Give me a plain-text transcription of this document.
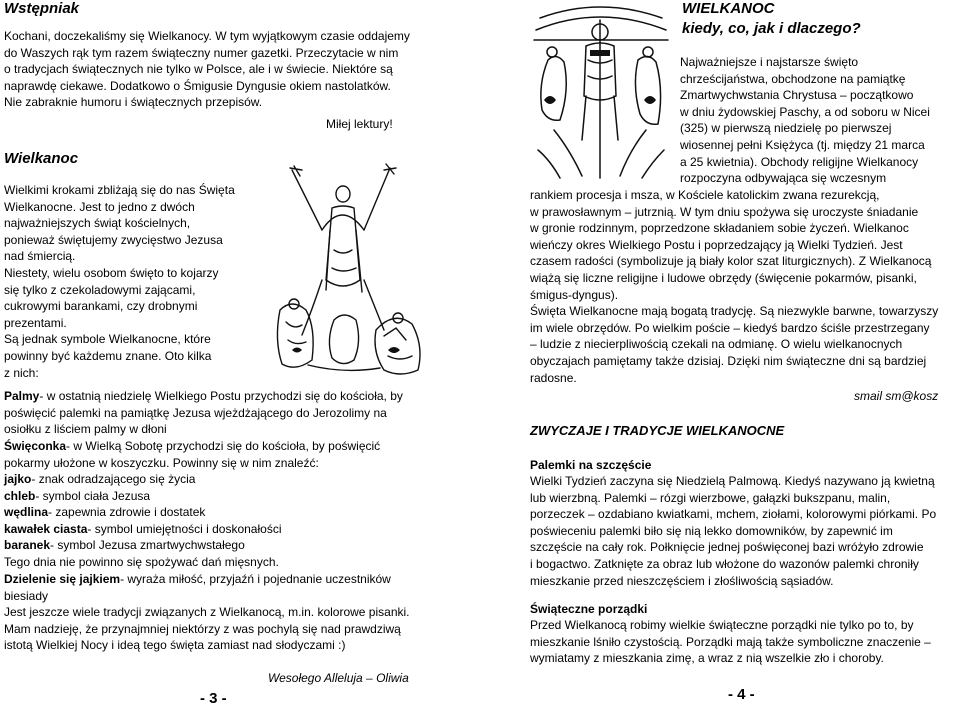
Wstępniak

Kochani, doczekaliśmy się Wielkanocy. W tym wyjątkowym czasie oddajemy

do Waszych rąk tym razem świąteczny numer gazetki. Przeczytacie w nim

o tradycjach świątecznych nie tylko w Polsce, ale i w świecie. Niektóre są

naprawdę ciekawe. Dodatkowo o Śmigusie Dyngusie okiem nastolatków.

Nie zabraknie humoru i świątecznych przepisów.

Miłej lektury!

Wielkanoc

Wielkimi krokami zbliżają się do nas Święta

Wielkanocne. Jest to jedno z dwóch

najważniejszych świąt kościelnych,

ponieważ świętujemy zwycięstwo Jezusa

nad śmiercią.

Niestety, wielu osobom święto to kojarzy

się tylko z czekoladowymi zającami,

cukrowymi barankami, czy drobnymi

prezentami.

Są jednak symbole Wielkanocne, które

powinny być każdemu znane. Oto kilka

z nich:

Palmy- w ostatnią niedzielę Wielkiego Postu przychodzi się do kościoła, by

poświęcić palemki na pamiątkę Jezusa wjeżdżającego do Jerozolimy na

osiołku z liściem palmy w dłoni

Święconka- w Wielką Sobotę przychodzi się do kościoła, by poświęcić

pokarmy ułożone w koszyczku. Powinny się w nim znaleźć:

jajko- znak odradzającego się życia

chleb- symbol ciała Jezusa

wędlina- zapewnia zdrowie i dostatek

kawałek ciasta- symbol umiejętności i doskonałości

baranek- symbol Jezusa zmartwychwstałego

Tego dnia nie powinno się spożywać dań mięsnych.

Dzielenie się jajkiem- wyraża miłość, przyjaźń i pojednanie uczestników

biesiady

Jest jeszcze wiele tradycji związanych z Wielkanocą, m.in. kolorowe pisanki.

Mam nadzieję, że przynajmniej niektórzy z was pochylą się nad prawdziwą

istotą Wielkiej Nocy i ideą tego święta zamiast nad słodyczami :)

- 3 -

Wesołego Alleluja – Oliwia

WIELKANOC

kiedy, co, jak i dlaczego?

Najważniejsze i najstarsze święto

chrześcijaństwa, obchodzone na pamiątkę

Zmartwychwstania Chrystusa – początkowo

w dniu żydowskiej Paschy, a od soboru w Nicei

(325) w pierwszą niedzielę po pierwszej

wiosennej pełni Księżyca (tj. między 21 marca

a 25 kwietnia). Obchody religijne Wielkanocy

rozpoczyna odbywająca się wczesnym

rankiem procesja i msza, w Kościele katolickim zwana rezurekcją,

w prawosławnym – jutrznią. W tym dniu spożywa się uroczyste śniadanie

w gronie rodzinnym, poprzedzone składaniem sobie życzeń. Wielkanoc

wieńczy okres Wielkiego Postu i poprzedzający ją Wielki Tydzień. Jest

czasem radości (symbolizuje ją biały kolor szat liturgicznych). Z Wielkanocą

wiążą się liczne religijne i ludowe obrzędy (święcenie pokarmów, pisanki,

śmigus-dyngus).

Święta Wielkanocne mają bogatą tradycję. Są niezwykle barwne, towarzyszy

im wiele obrzędów. Po wielkim poście – kiedyś bardzo ściśle przestrzegany

– ludzie z niecierpliwością czekali na odmianę. O wielu wielkanocnych

obyczajach pamiętamy także dzisiaj. Dzięki nim świąteczne dni są bardziej

radosne.

smail sm@kosz

ZWYCZAJE I TRADYCJE WIELKANOCNE

Palemki na szczęście

Wielki Tydzień zaczyna się Niedzielą Palmową. Kiedyś nazywano ją kwietną

lub wierzbną. Palemki – rózgi wierzbowe, gałązki bukszpanu, malin,

porzeczek – ozdabiano kwiatkami, mchem, ziołami, kolorowymi piórkami. Po

poświeceniu palemki biło się nią lekko domowników, by zapewnić im

szczęście na cały rok. Połknięcie jednej poświęconej bazi wróżyło zdrowie

i bogactwo. Zatknięte za obraz lub włożone do wazonów palemki chroniły

mieszkanie przed nieszczęściem i złośliwością sąsiadów.

Świąteczne porządki

Przed Wielkanocą robimy wielkie świąteczne porządki nie tylko po to, by

mieszkanie lśniło czystością. Porządki mają także symboliczne znaczenie –

wymiatamy z mieszkania zimę, a wraz z nią wszelkie zło i choroby.

- 4 -
